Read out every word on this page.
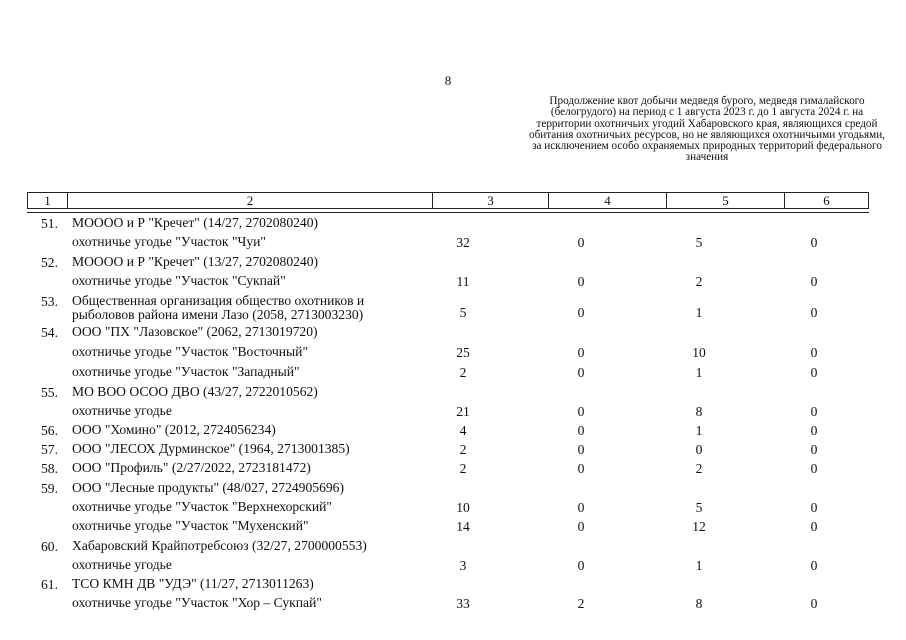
8
Продолжение квот добычи медведя бурого, медведя гималайского (белогрудого) на период с 1 августа 2023 г. до 1 августа 2024 г. на территории охотничьих угодий Хабаровского края, являющихся средой обитания охотничьих ресурсов, но не являющихся охотничьими угодьями, за исключением особо охраняемых природных территорий федерального значения
1	2	3	4	5	6
51. МОООО и Р "Кречет" (14/27, 2702080240)
охотничье угодье "Участок "Чуи"	32	0	5	0
52. МОООО и Р "Кречет" (13/27, 2702080240)
охотничье угодье "Участок "Сукпай"	11	0	2	0
53. Общественная организация общество охотников и рыболовов района имени Лазо (2058, 2713003230)	5	0	1	0
54. ООО "ПХ "Лазовское" (2062, 2713019720)
охотничье угодье "Участок "Восточный"	25	0	10	0
охотничье угодье "Участок "Западный"	2	0	1	0
55. МО ВОО ОСОО ДВО (43/27, 2722010562)
охотничье угодье	21	0	8	0
56. ООО "Хомино" (2012, 2724056234)	4	0	1	0
57. ООО "ЛЕСОХ Дурминское" (1964, 2713001385)	2	0	0	0
58. ООО "Профиль" (2/27/2022, 2723181472)	2	0	2	0
59. ООО "Лесные продукты" (48/027, 2724905696)
охотничье угодье "Участок "Верхнехорский"	10	0	5	0
охотничье угодье "Участок "Мухенский"	14	0	12	0
60. Хабаровский Крайпотребсоюз (32/27, 2700000553)
охотничье угодье	3	0	1	0
61. ТСО КМН ДВ "УДЭ" (11/27, 2713011263)
охотничье угодье "Участок "Хор – Сукпай"	33	2	8	0
